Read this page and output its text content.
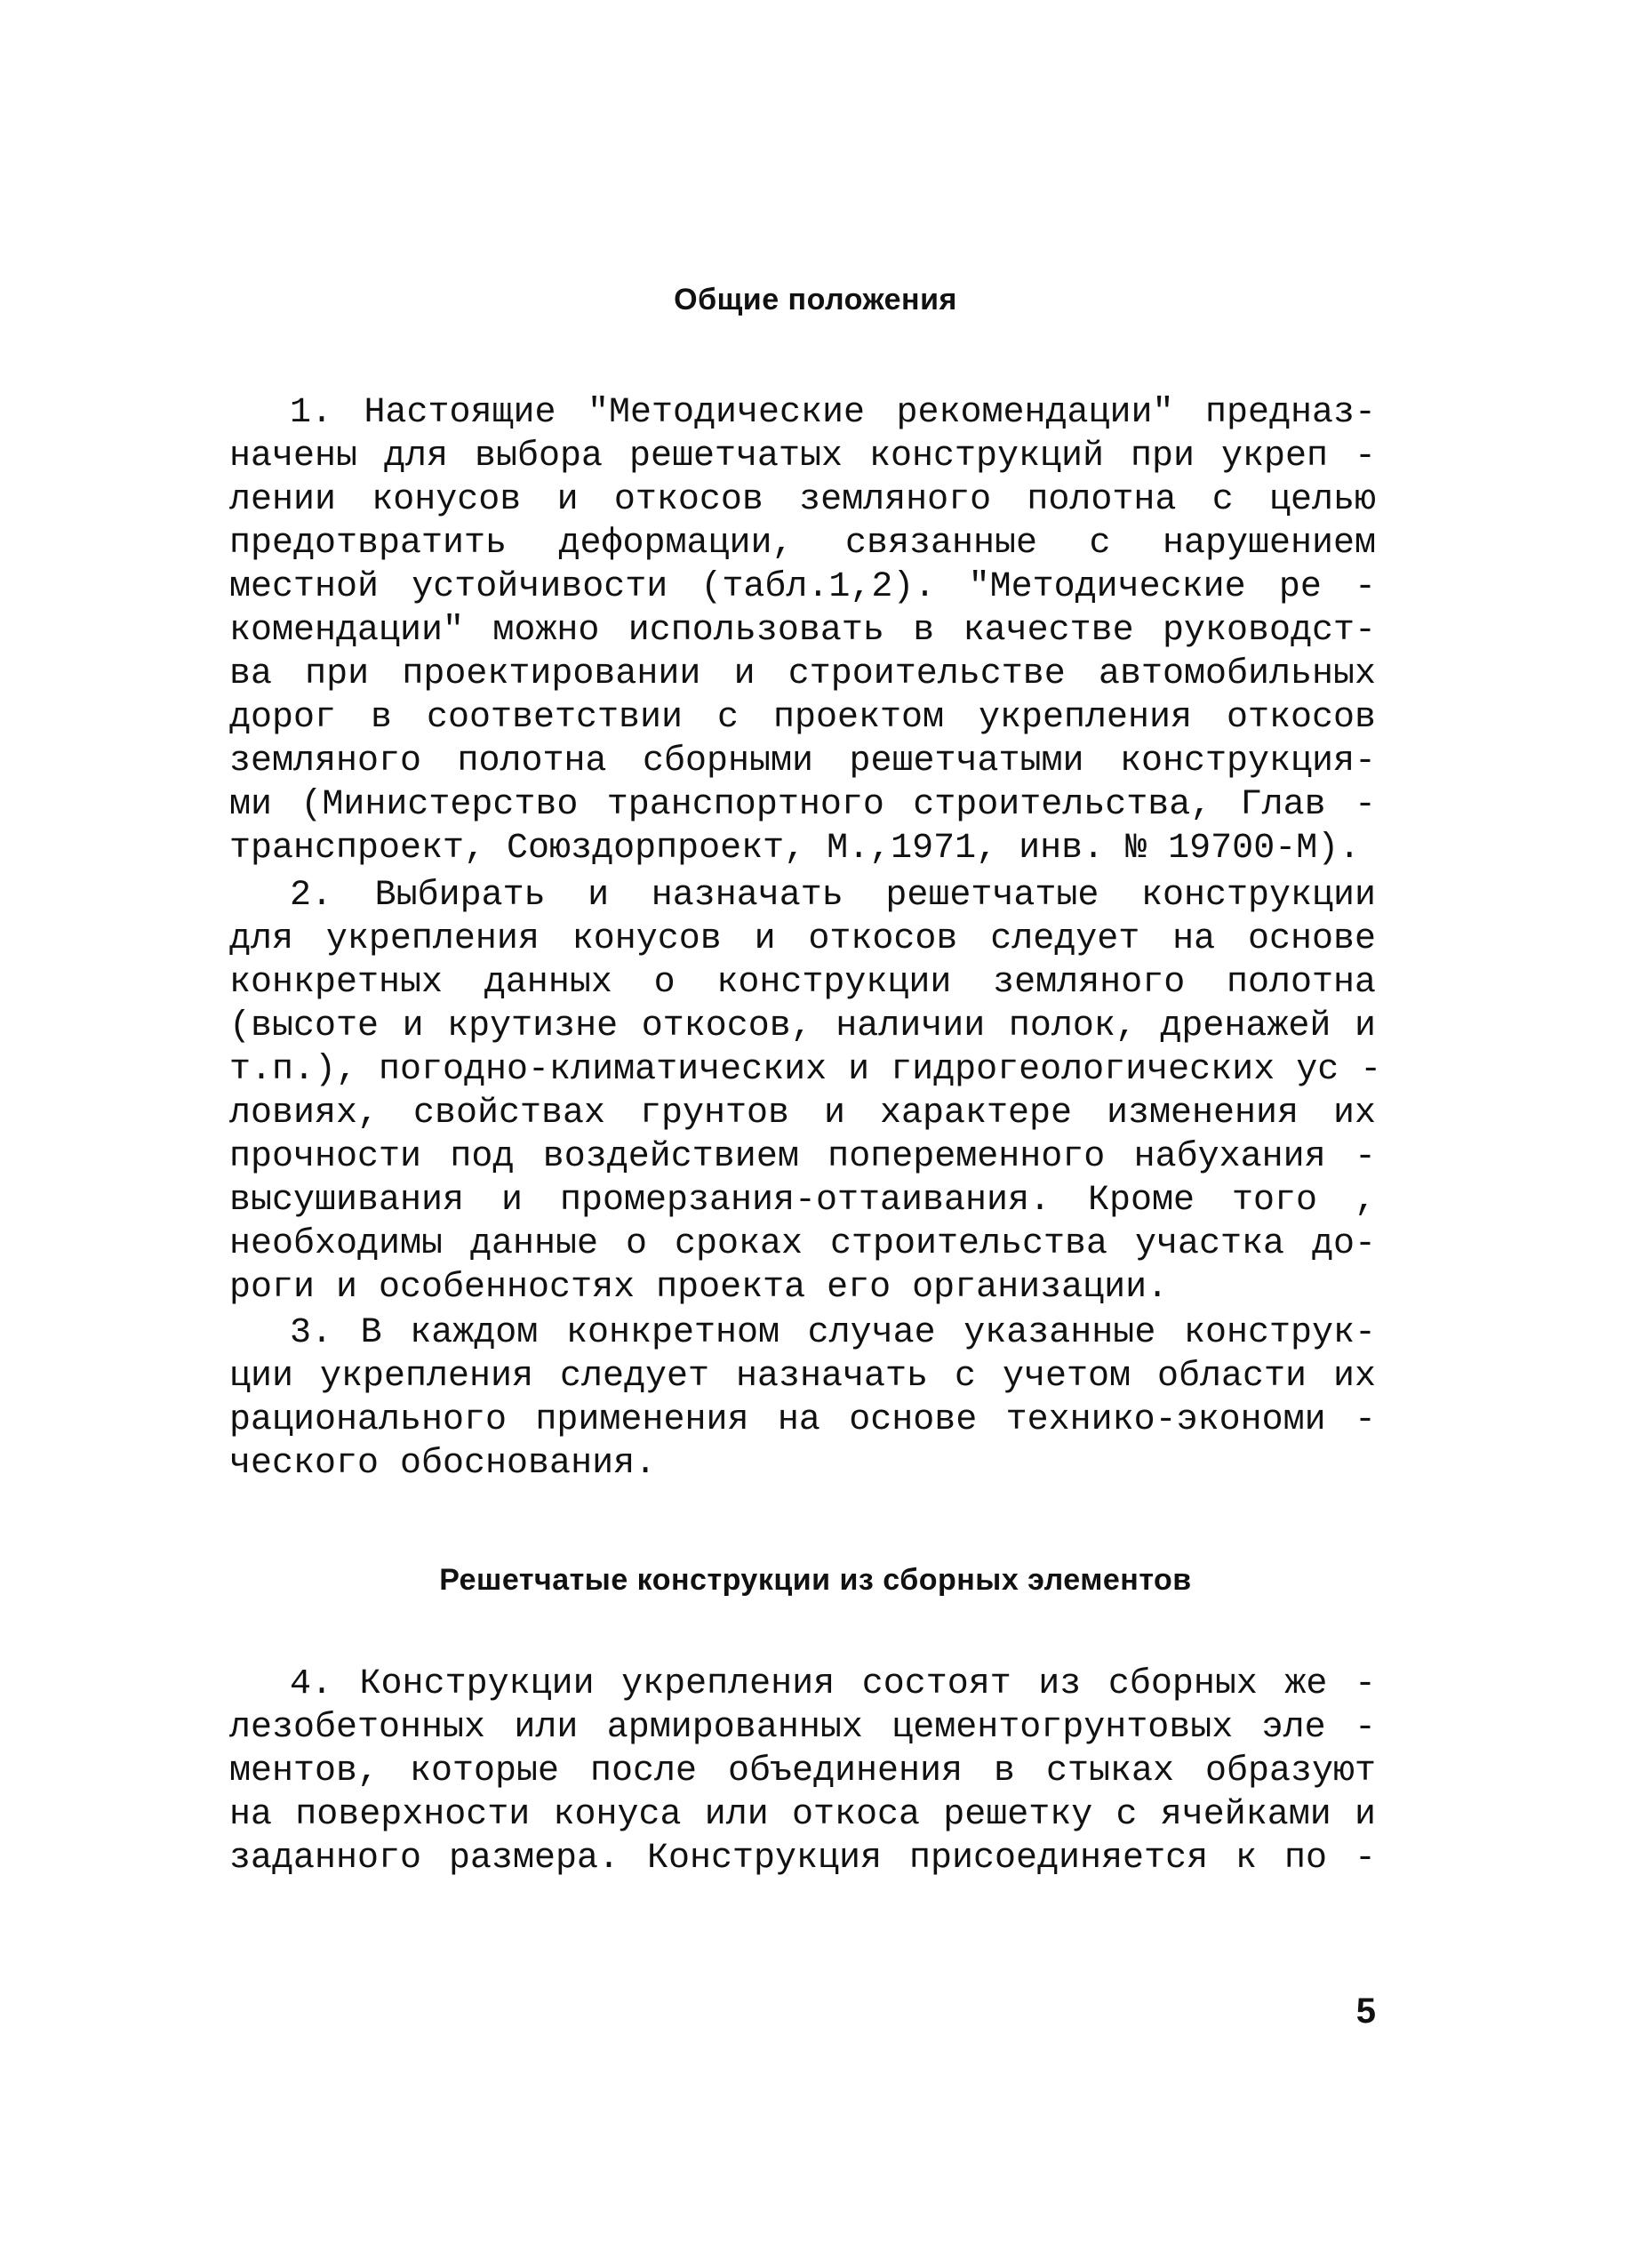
Общие положения
1. Настоящие "Методические рекомендации" предназ-
начены для выбора решетчатых конструкций при укреп -
лении конусов и откосов земляного полотна с целью
предотвратить деформации, связанные с нарушением
местной устойчивости (табл.1,2). "Методические ре -
комендации" можно использовать в качестве руководст-
ва при проектировании и строительстве автомобильных
дорог в соответствии с проектом укрепления откосов
земляного полотна сборными решетчатыми конструкция-
ми (Министерство транспортного строительства, Глав -
транспроект, Союздорпроект, М.,1971, инв. № 19700-М).
2. Выбирать и назначать решетчатые конструкции
для укрепления конусов и откосов следует на основе
конкретных данных о конструкции земляного полотна
(высоте и крутизне откосов, наличии полок, дренажей и
т.п.), погодно-климатических и гидрогеологических ус -
ловиях, свойствах грунтов и характере изменения их
прочности под воздействием попеременного набухания -
высушивания и промерзания-оттаивания. Кроме того ,
необходимы данные о сроках строительства участка до-
роги и особенностях проекта его организации.
3. В каждом конкретном случае указанные конструк-
ции укрепления следует назначать с учетом области их
рационального применения на основе технико-экономи -
ческого обоснования.
Решетчатые конструкции из сборных элементов
4. Конструкции укрепления состоят из сборных же -
лезобетонных или армированных цементогрунтовых эле -
ментов, которые после объединения в стыках образуют
на поверхности конуса или откоса решетку с ячейками и
заданного размера. Конструкция присоединяется к по -
5
